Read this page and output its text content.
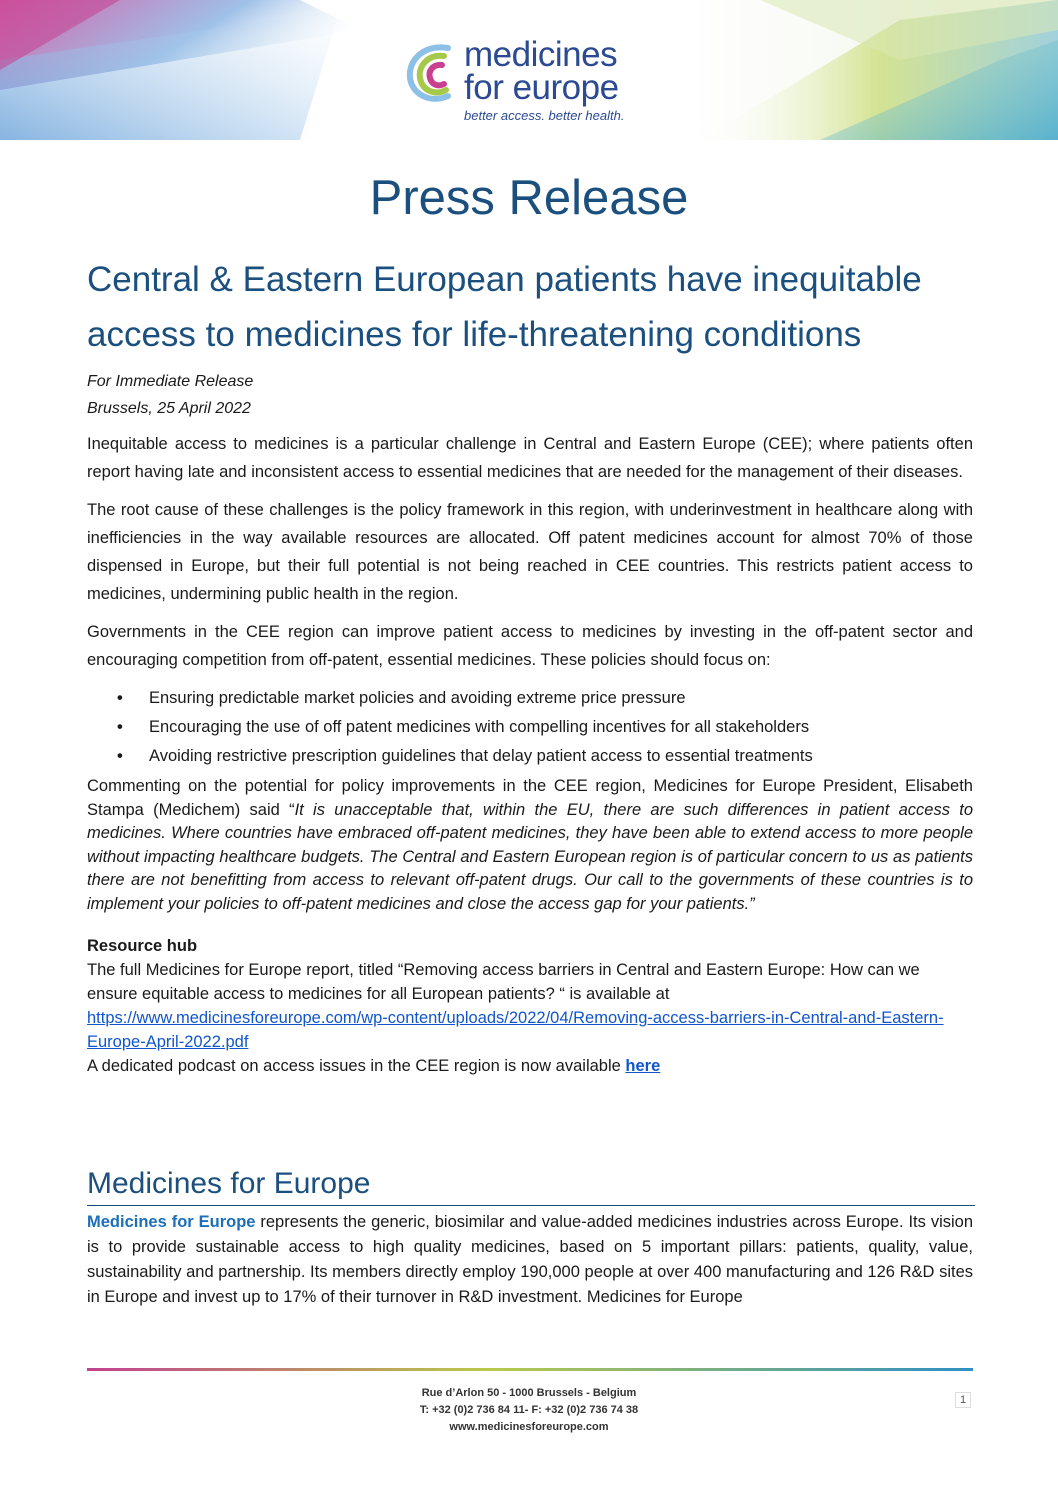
medicines
for europe
better access. better health.
Press Release
Central & Eastern European patients have inequitable
access to medicines for life-threatening conditions
For Immediate Release
Brussels, 25 April 2022

Inequitable access to medicines is a particular challenge in Central and Eastern Europe (CEE); where patients often report having late and inconsistent access to essential medicines that are needed for the management of their diseases.

The root cause of these challenges is the policy framework in this region, with underinvestment in healthcare along with inefficiencies in the way available resources are allocated. Off patent medicines account for almost 70% of those dispensed in Europe, but their full potential is not being reached in CEE countries. This restricts patient access to medicines, undermining public health in the region.

Governments in the CEE region can improve patient access to medicines by investing in the off-patent sector and encouraging competition from off-patent, essential medicines. These policies should focus on:

• Ensuring predictable market policies and avoiding extreme price pressure
• Encouraging the use of off patent medicines with compelling incentives for all stakeholders
• Avoiding restrictive prescription guidelines that delay patient access to essential treatments

Commenting on the potential for policy improvements in the CEE region, Medicines for Europe President, Elisabeth Stampa (Medichem) said “It is unacceptable that, within the EU, there are such differences in patient access to medicines. Where countries have embraced off-patent medicines, they have been able to extend access to more people without impacting healthcare budgets. The Central and Eastern European region is of particular concern to us as patients there are not benefitting from access to relevant off-patent drugs. Our call to the governments of these countries is to implement your policies to off-patent medicines and close the access gap for your patients.”

Resource hub

The full Medicines for Europe report, titled “Removing access barriers in Central and Eastern Europe: How can we ensure equitable access to medicines for all European patients? “ is available at

https://www.medicinesforeurope.com/wp-content/uploads/2022/04/Removing-access-barriers-in-Central-and-Eastern-Europe-April-2022.pdf

A dedicated podcast on access issues in the CEE region is now available here

Medicines for Europe
Medicines for Europe represents the generic, biosimilar and value-added medicines industries across Europe. Its vision is to provide sustainable access to high quality medicines, based on 5 important pillars: patients, quality, value, sustainability and partnership. Its members directly employ 190,000 people at over 400 manufacturing and 126 R&D sites in Europe and invest up to 17% of their turnover in R&D investment. Medicines for Europe
Rue d’Arlon 50 - 1000 Brussels - Belgium
T: +32 (0)2 736 84 11- F: +32 (0)2 736 74 38
www.medicinesforeurope.com
1
